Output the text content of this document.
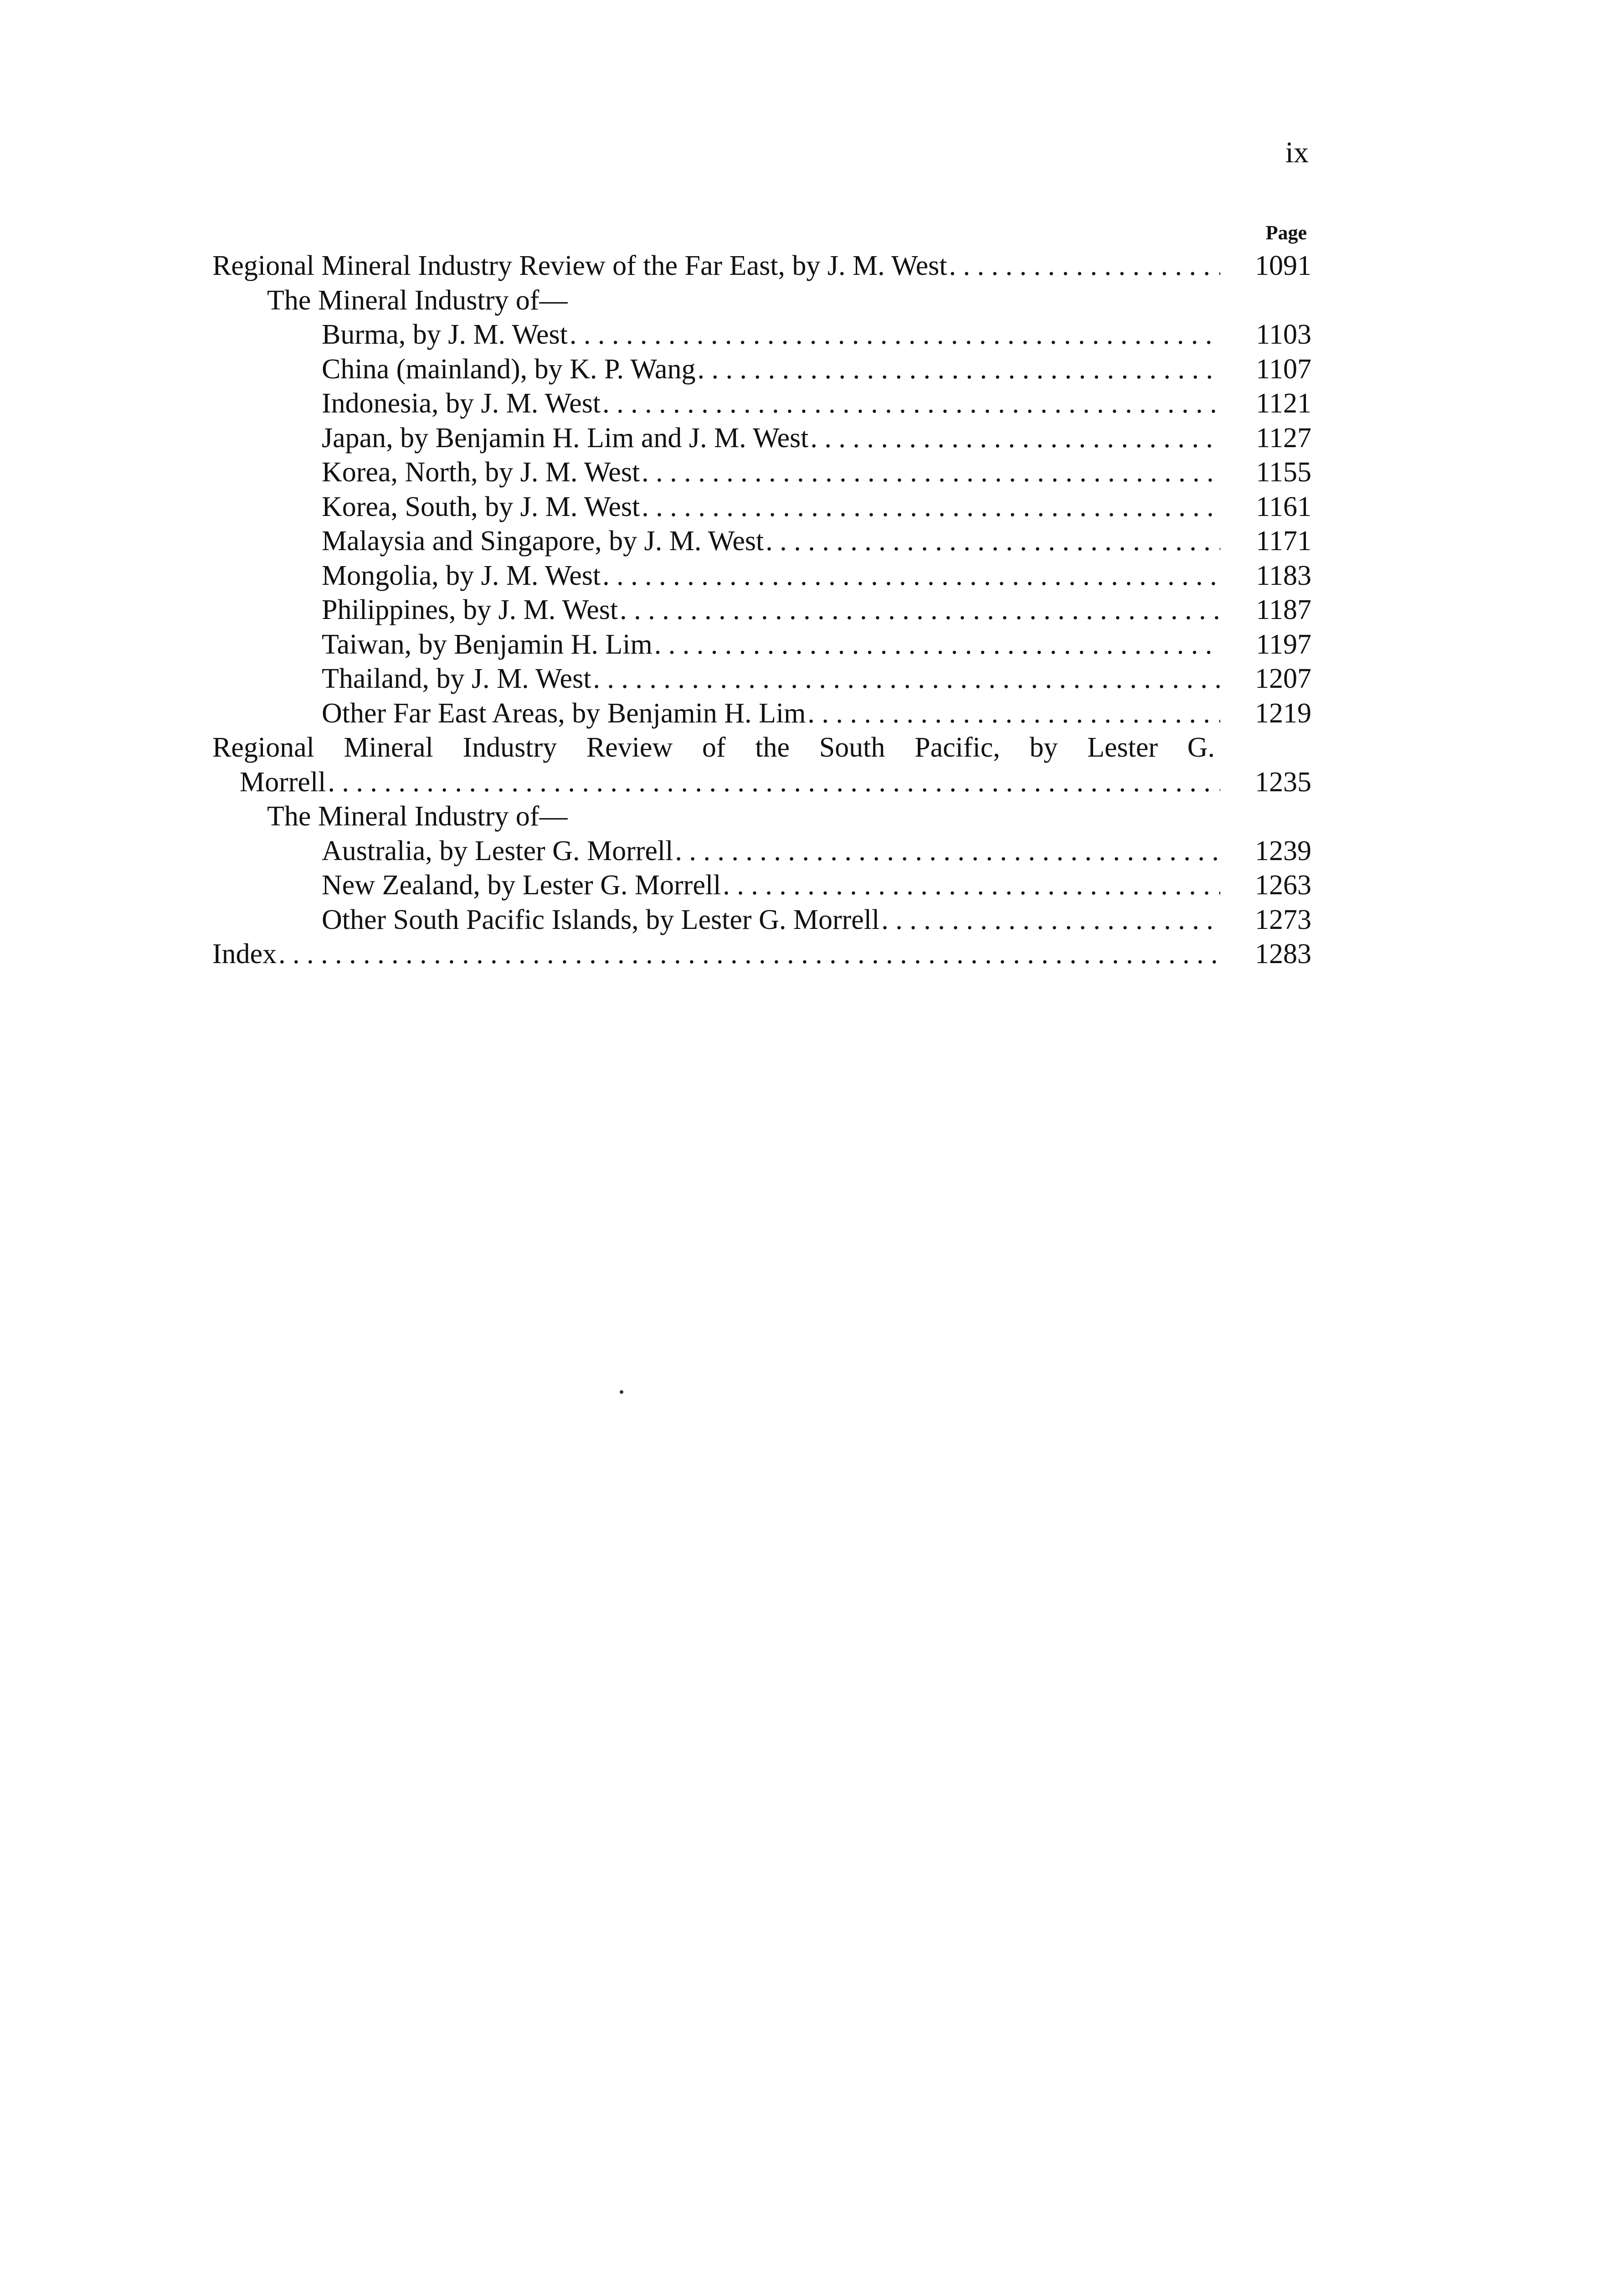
ix
Page
Regional Mineral Industry Review of the Far East, by J. M. West . . .	1091
The Mineral Industry of—
Burma, by J. M. West . . .	1103
China (mainland), by K. P. Wang . . .	1107
Indonesia, by J. M. West . . .	1121
Japan, by Benjamin H. Lim and J. M. West . . .	1127
Korea, North, by J. M. West . . .	1155
Korea, South, by J. M. West . . .	1161
Malaysia and Singapore, by J. M. West . . .	1171
Mongolia, by J. M. West . . .	1183
Philippines, by J. M. West . . .	1187
Taiwan, by Benjamin H. Lim . . .	1197
Thailand, by J. M. West . . .	1207
Other Far East Areas, by Benjamin H. Lim . . .	1219
Regional Mineral Industry Review of the South Pacific, by Lester G.
Morrell . . .	1235
The Mineral Industry of—
Australia, by Lester G. Morrell . . .	1239
New Zealand, by Lester G. Morrell . . .	1263
Other South Pacific Islands, by Lester G. Morrell . . .	1273
Index . . .	1283
